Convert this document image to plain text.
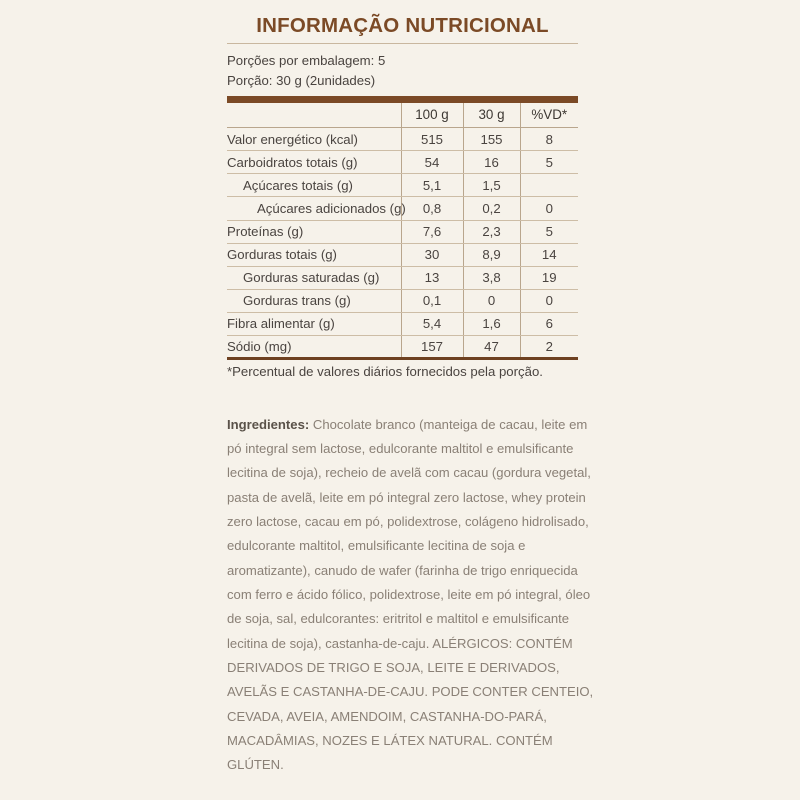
INFORMAÇÃO NUTRICIONAL
Porções por embalagem: 5
Porção: 30 g (2unidades)

	100 g	30 g	%VD*
Valor energético (kcal)	515	155	8
Carboidratos totais (g)	54	16	5
Açúcares totais (g)	5,1	1,5	
Açúcares adicionados (g)	0,8	0,2	0
Proteínas (g)	7,6	2,3	5
Gorduras totais (g)	30	8,9	14
Gorduras saturadas (g)	13	3,8	19
Gorduras trans (g)	0,1	0	0
Fibra alimentar (g)	5,4	1,6	6
Sódio (mg)	157	47	2
*Percentual de valores diários fornecidos pela porção.
Ingredientes: Chocolate branco (manteiga de cacau, leite em pó integral sem lactose, edulcorante maltitol e emulsificante lecitina de soja), recheio de avelã com cacau (gordura vegetal, pasta de avelã, leite em pó integral zero lactose, whey protein zero lactose, cacau em pó, polidextrose, colágeno hidrolisado, edulcorante maltitol, emulsificante lecitina de soja e aromatizante), canudo de wafer (farinha de trigo enriquecida com ferro e ácido fólico, polidextrose, leite em pó integral, óleo de soja, sal, edulcorantes: eritritol e maltitol e emulsificante lecitina de soja), castanha-de-caju. ALÉRGICOS: CONTÉM DERIVADOS DE TRIGO E SOJA, LEITE E DERIVADOS, AVELÃS E CASTANHA-DE-CAJU. PODE CONTER CENTEIO, CEVADA, AVEIA, AMENDOIM, CASTANHA-DO-PARÁ, MACADÂMIAS, NOZES E LÁTEX NATURAL. CONTÉM GLÚTEN.
